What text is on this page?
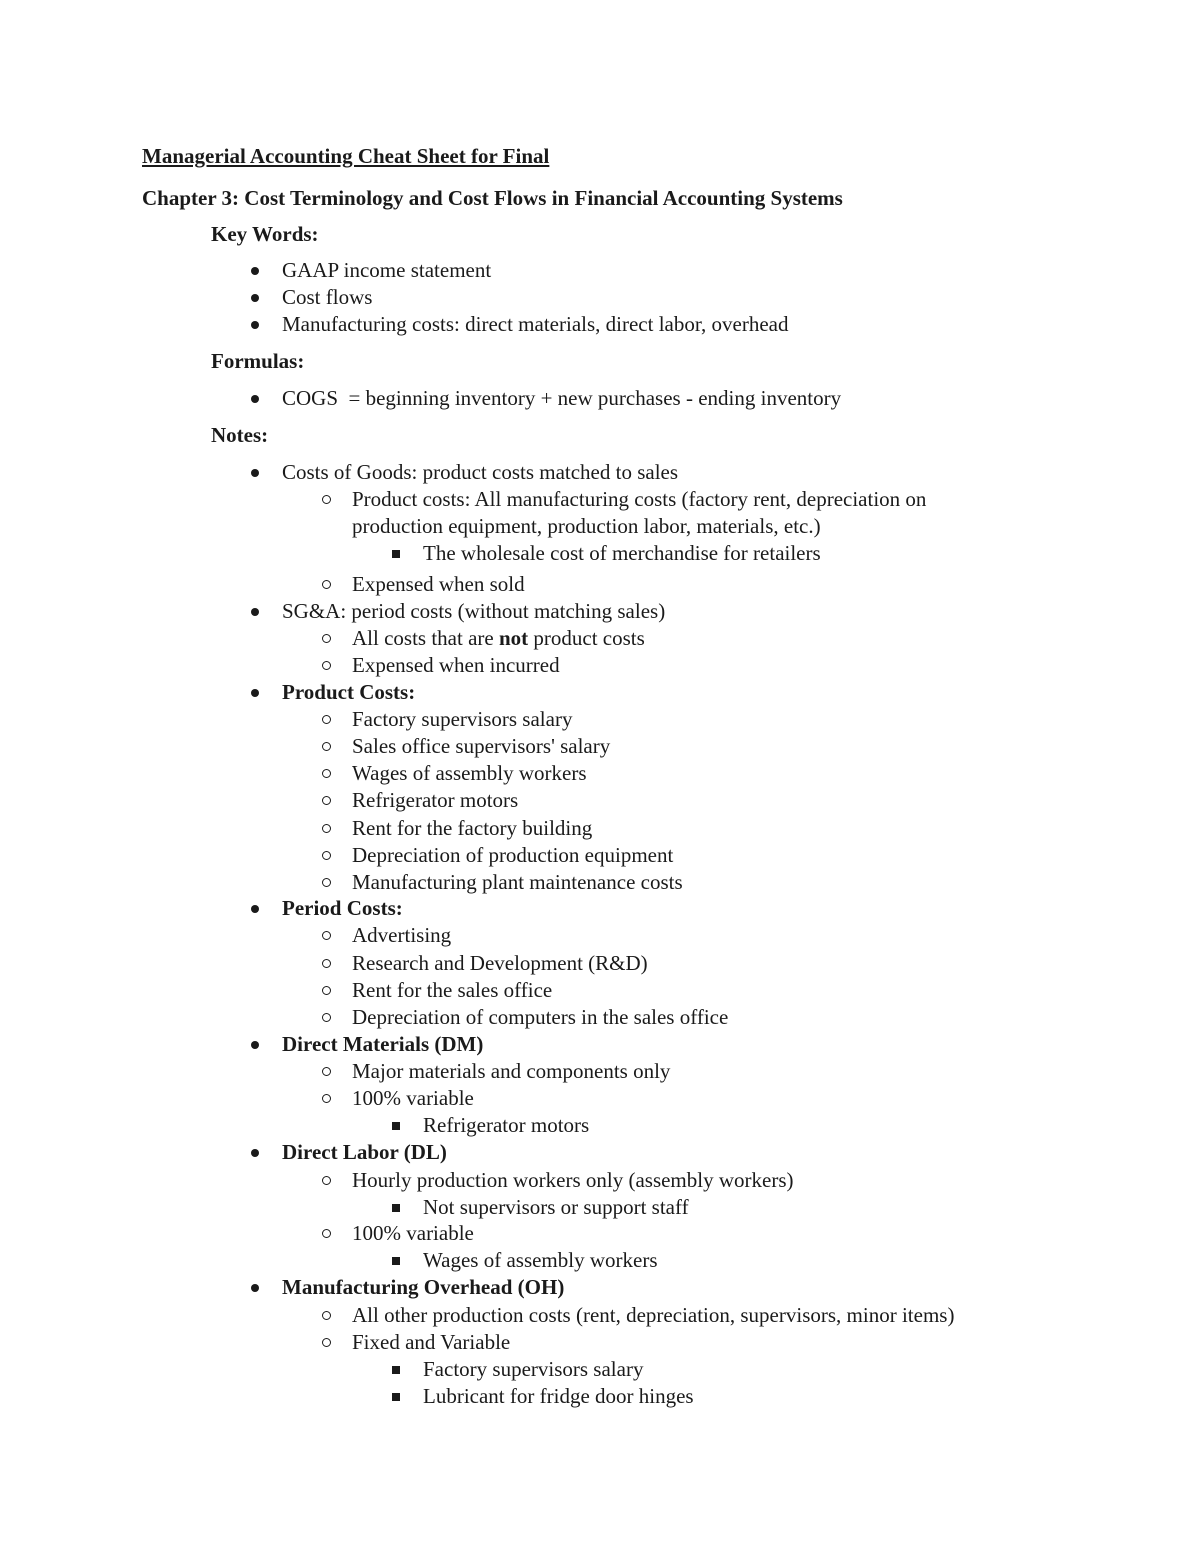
Managerial Accounting Cheat Sheet for Final
Chapter 3: Cost Terminology and Cost Flows in Financial Accounting Systems
Key Words:
GAAP income statement
Cost flows
Manufacturing costs: direct materials, direct labor, overhead
Formulas:
COGS  = beginning inventory + new purchases - ending inventory
Notes:
Costs of Goods: product costs matched to sales
Product costs: All manufacturing costs (factory rent, depreciation on
production equipment, production labor, materials, etc.)
The wholesale cost of merchandise for retailers
Expensed when sold
SG&A: period costs (without matching sales)
All costs that are not product costs
Expensed when incurred
Product Costs:
Factory supervisors salary
Sales office supervisors' salary
Wages of assembly workers
Refrigerator motors
Rent for the factory building
Depreciation of production equipment
Manufacturing plant maintenance costs
Period Costs:
Advertising
Research and Development (R&D)
Rent for the sales office
Depreciation of computers in the sales office
Direct Materials (DM)
Major materials and components only
100% variable
Refrigerator motors
Direct Labor (DL)
Hourly production workers only (assembly workers)
Not supervisors or support staff
100% variable
Wages of assembly workers
Manufacturing Overhead (OH)
All other production costs (rent, depreciation, supervisors, minor items)
Fixed and Variable
Factory supervisors salary
Lubricant for fridge door hinges
